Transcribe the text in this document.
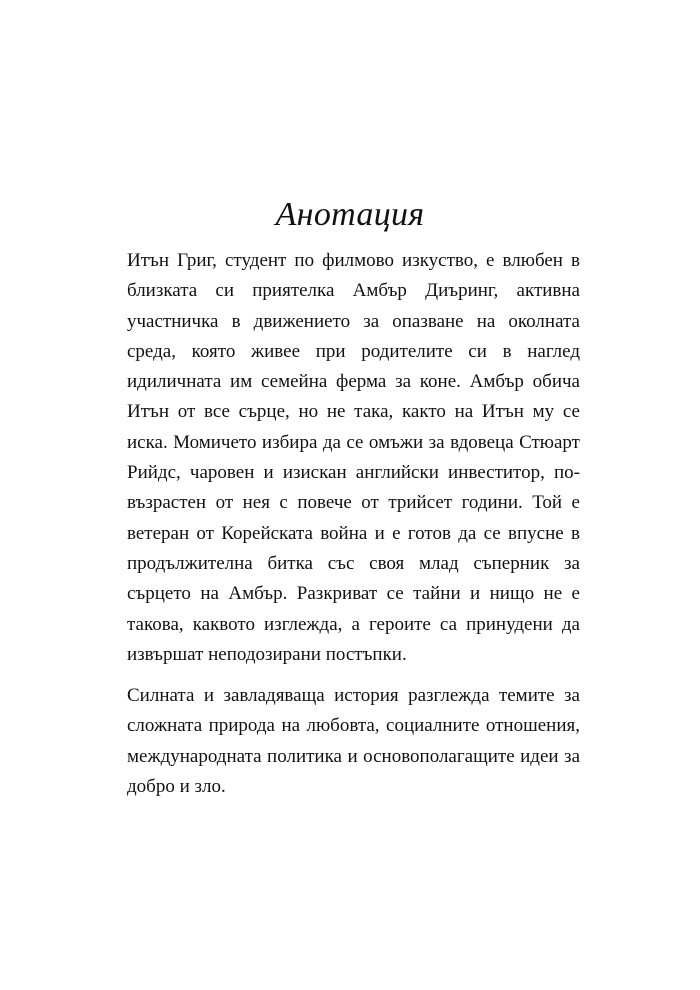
Анотация

Итън Григ, студент по филмово изкуство, е влюбен в
близката си приятелка Амбър Диъринг, активна
участничка в движението за опазване на околната
среда, която живее при родителите си в наглед
идиличната им семейна ферма за коне. Амбър обича
Итън от все сърце, но не така, както на Итън му се
иска. Момичето избира да се омъжи за вдовеца Стюарт
Рийдс, чаровен и изискан английски инвеститор, по-
възрастен от нея с повече от трийсет години. Той е
ветеран от Корейската война и е готов да се впусне в
продължителна битка със своя млад съперник за
сърцето на Амбър. Разкриват се тайни и нищо не е
такова, каквото изглежда, а героите са принудени да
извършат неподозирани постъпки.

Силната и завладяваща история разглежда темите за
сложната природа на любовта, социалните отношения,
международната политика и основополагащите идеи за
добро и зло.
